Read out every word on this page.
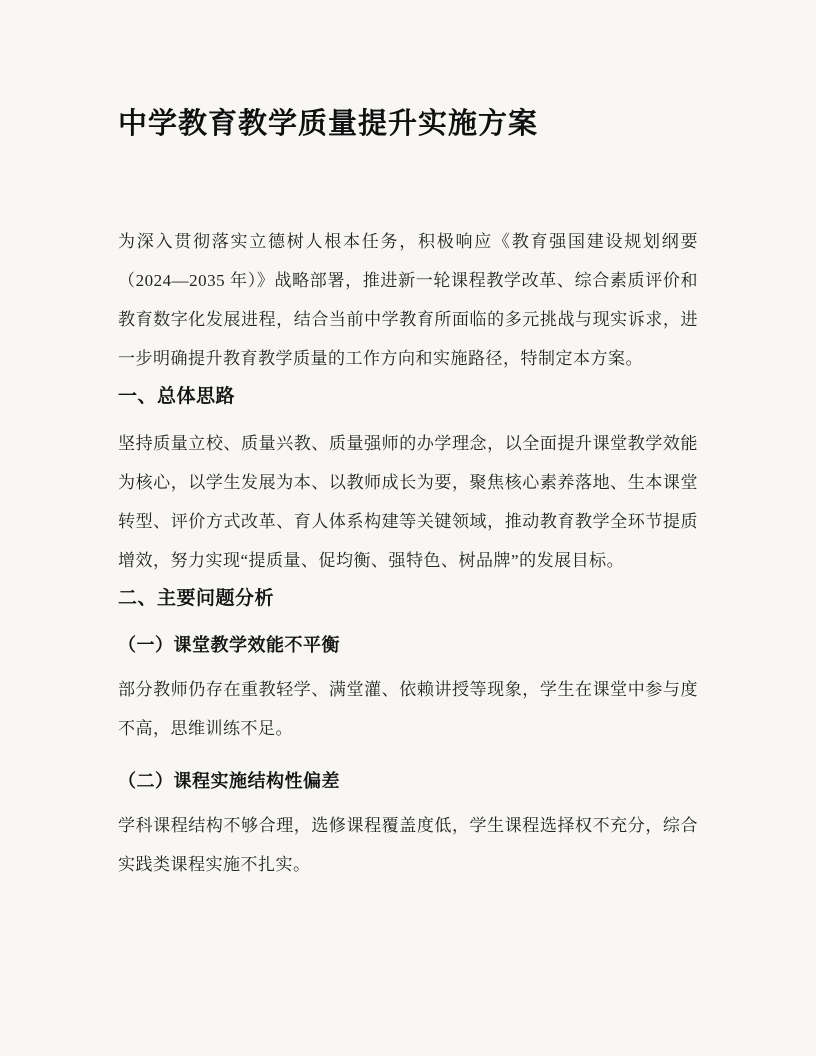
中学教育教学质量提升实施方案

为深入贯彻落实立德树人根本任务，积极响应《教育强国建设规划纲要（2024—2035 年）》战略部署，推进新一轮课程教学改革、综合素质评价和教育数字化发展进程，结合当前中学教育所面临的多元挑战与现实诉求，进一步明确提升教育教学质量的工作方向和实施路径，特制定本方案。

一、总体思路

坚持质量立校、质量兴教、质量强师的办学理念，以全面提升课堂教学效能为核心，以学生发展为本、以教师成长为要，聚焦核心素养落地、生本课堂转型、评价方式改革、育人体系构建等关键领域，推动教育教学全环节提质增效，努力实现“提质量、促均衡、强特色、树品牌”的发展目标。

二、主要问题分析
（一）课堂教学效能不平衡

部分教师仍存在重教轻学、满堂灌、依赖讲授等现象，学生在课堂中参与度不高，思维训练不足。

（二）课程实施结构性偏差

学科课程结构不够合理，选修课程覆盖度低，学生课程选择权不充分，综合实践类课程实施不扎实。
